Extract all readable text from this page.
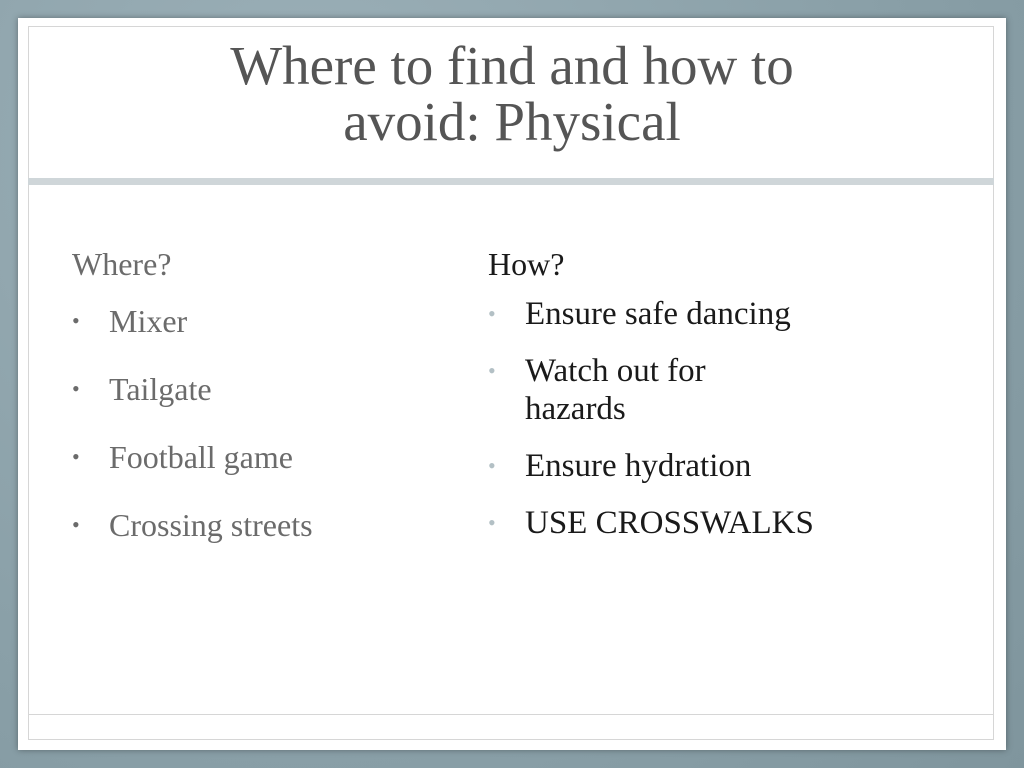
Where to find and how to
avoid: Physical
Where?
• Mixer
• Tailgate
• Football game
• Crossing streets
How?
• Ensure safe dancing
• Watch out for hazards
• Ensure hydration
• USE CROSSWALKS
